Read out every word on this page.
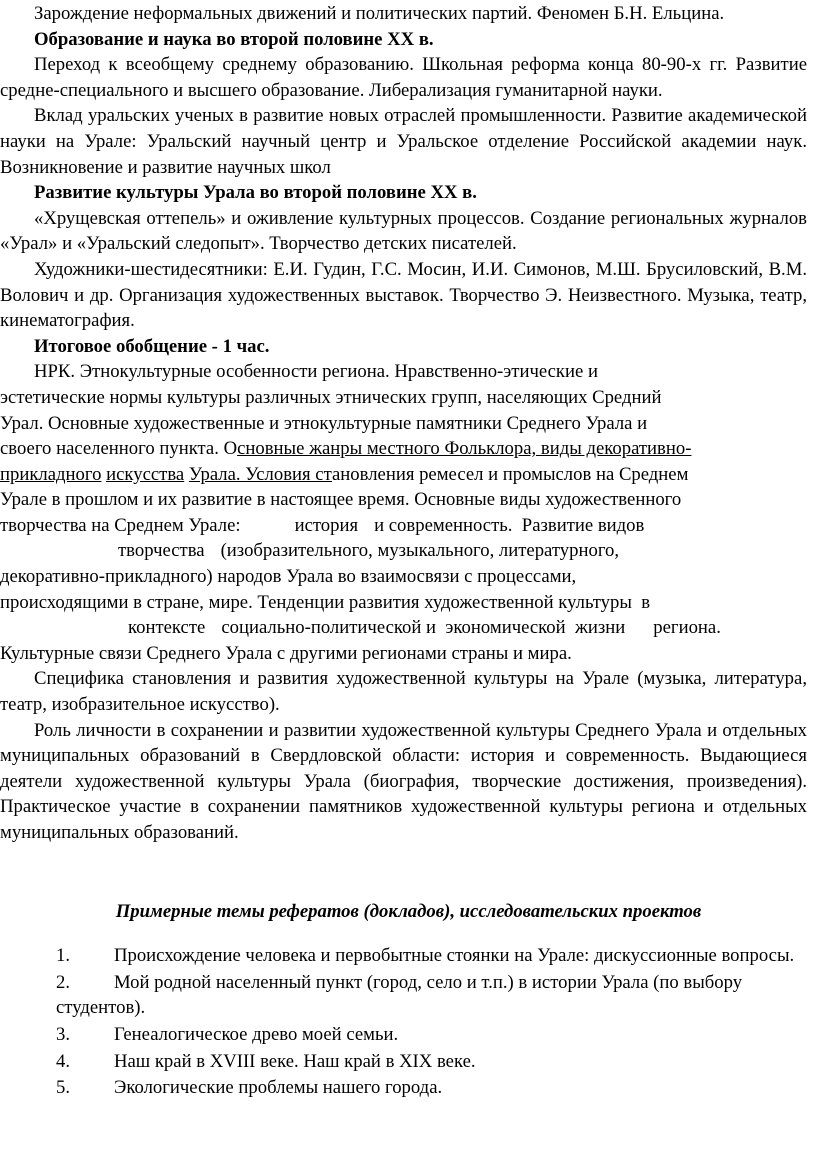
Зарождение неформальных движений и политических партий. Феномен Б.Н. Ельцина.

Образование и наука во второй половине ХХ в.

Переход к всеобщему среднему образованию. Школьная реформа конца 80-90-х гг. Развитие средне-специального и высшего образование. Либерализация гуманитарной науки.

Вклад уральских ученых в развитие новых отраслей промышленности. Развитие академической науки на Урале: Уральский научный центр и Уральское отделение Российской академии наук. Возникновение и развитие научных школ

Развитие культуры Урала во второй половине ХХ в.

«Хрущевская оттепель» и оживление культурных процессов. Создание региональных журналов «Урал» и «Уральский следопыт». Творчество детских писателей.

Художники-шестидесятники: Е.И. Гудин, Г.С. Мосин, И.И. Симонов, М.Ш. Брусиловский, В.М. Волович и др. Организация художественных выставок. Творчество Э. Неизвестного. Музыка, театр, кинематография.

Итоговое обобщение - 1 час.

НРК. Этнокультурные особенности региона. Нравственно-этические и

эстетические нормы культуры различных этнических групп, населяющих Средний

Урал. Основные художественные и этнокультурные памятники Среднего Урала и

своего населенного пункта. Основные жанры местного Фольклора, виды декоративно-

прикладного искусства Урала. Условия становления ремесел и промыслов на Среднем

Урале в прошлом и их развитие в настоящее время. Основные виды художественного

творчества на Среднем Урале:	история и современность. Развитие видов

творчества (изобразительного, музыкального, литературного,

декоративно-прикладного) народов Урала во взаимосвязи с процессами,

происходящими в стране, мире. Тенденции развития художественной культуры в

контексте социально-политической и экономической жизни региона.

Культурные связи Среднего Урала с другими регионами страны и мира.

Специфика становления и развития художественной культуры на Урале (музыка, литература, театр, изобразительное искусство).

Роль личности в сохранении и развитии художественной культуры Среднего Урала и отдельных муниципальных образований в Свердловской области: история и современность. Выдающиеся деятели художественной культуры Урала (биография, творческие достижения, произведения). Практическое участие в сохранении памятников художественной культуры региона и отдельных муниципальных образований.

Примерные темы рефератов (докладов), исследовательских проектов

1.	Происхождение человека и первобытные стоянки на Урале: дискуссионные вопросы.
2.	Мой родной населенный пункт (город, село и т.п.) в истории Урала (по выбору студентов).
3.	Генеалогическое древо моей семьи.
4.	Наш край в XVIII веке. Наш край в XIX веке.
5.	Экологические проблемы нашего города.
